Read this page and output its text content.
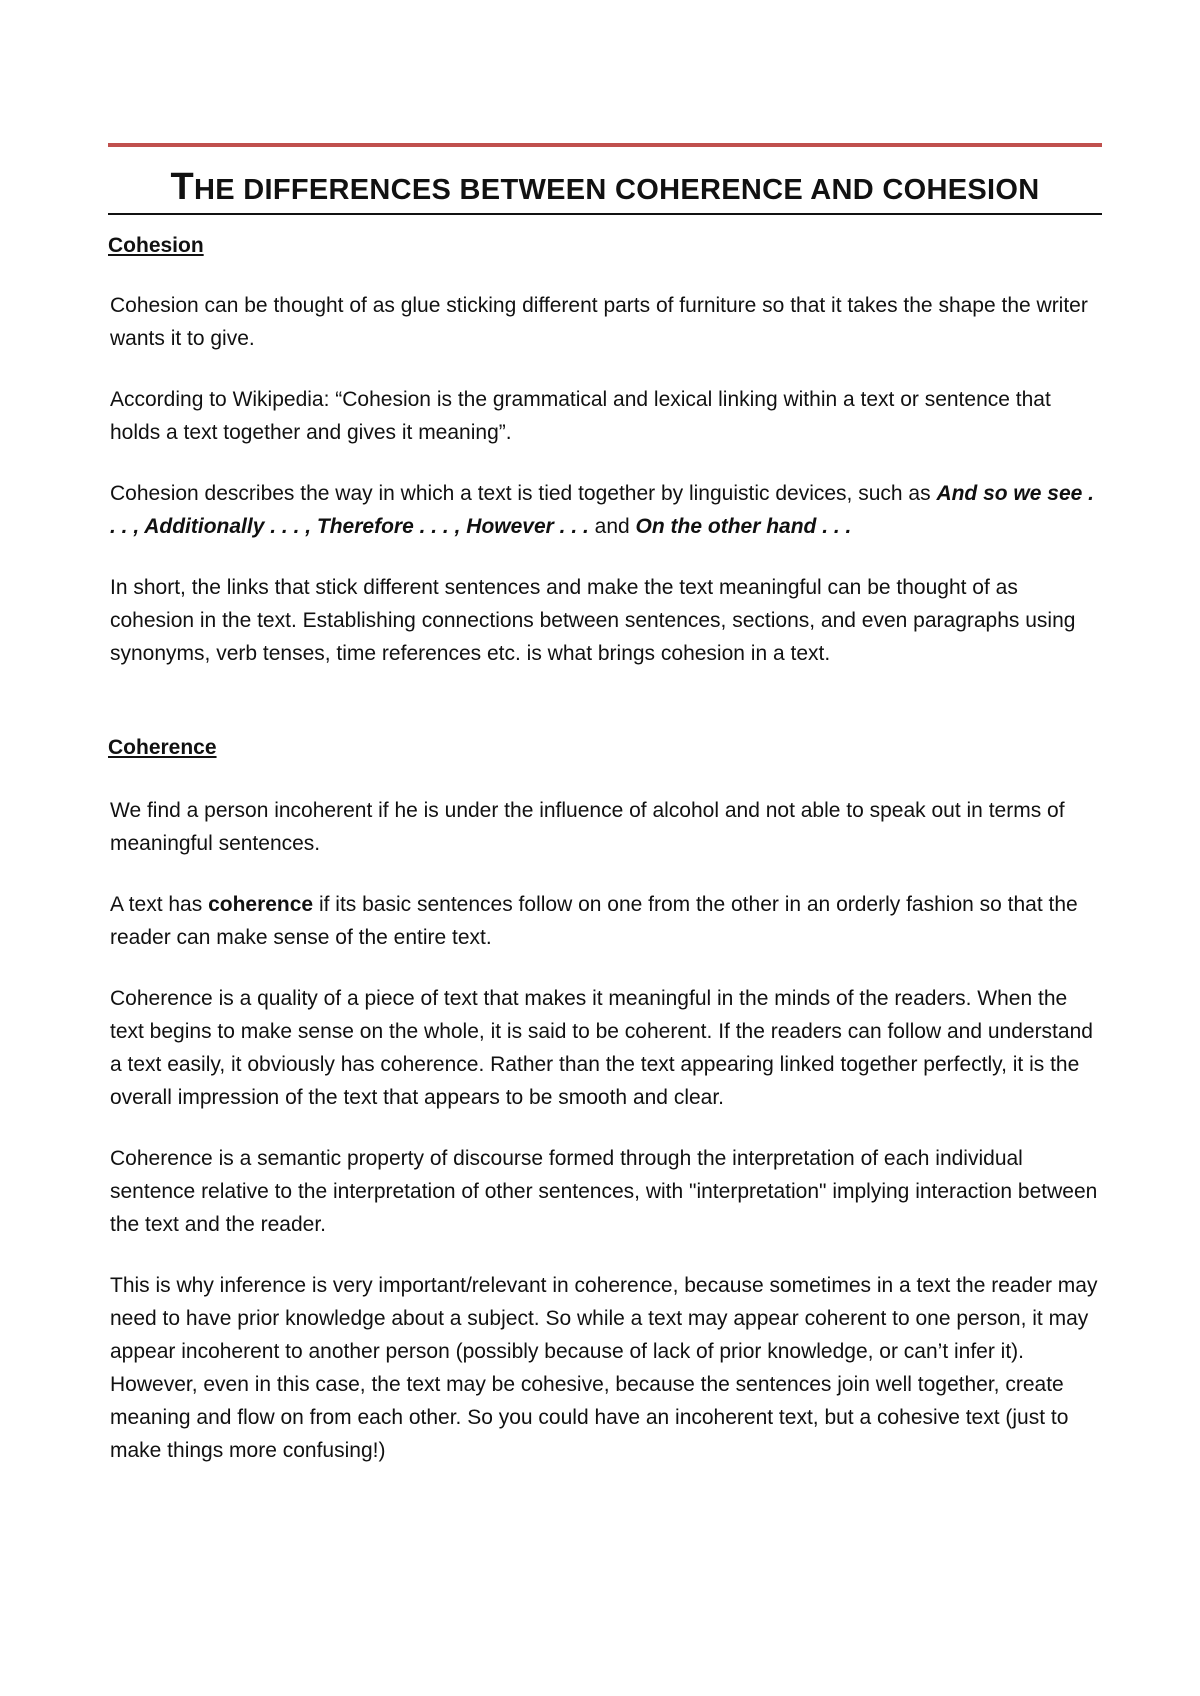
THE DIFFERENCES BETWEEN COHERENCE AND COHESION
Cohesion

Cohesion can be thought of as glue sticking different parts of furniture so that it takes the shape the writer wants it to give.

According to Wikipedia: “Cohesion is the grammatical and lexical linking within a text or sentence that holds a text together and gives it meaning”.

Cohesion describes the way in which a text is tied together by linguistic devices, such as And so we see . . . , Additionally . . . , Therefore . . . , However . . . and On the other hand . . .

In short, the links that stick different sentences and make the text meaningful can be thought of as cohesion in the text. Establishing connections between sentences, sections, and even paragraphs using synonyms, verb tenses, time references etc. is what brings cohesion in a text.

Coherence

We find a person incoherent if he is under the influence of alcohol and not able to speak out in terms of meaningful sentences.

A text has coherence if its basic sentences follow on one from the other in an orderly fashion so that the reader can make sense of the entire text.

Coherence is a quality of a piece of text that makes it meaningful in the minds of the readers. When the text begins to make sense on the whole, it is said to be coherent. If the readers can follow and understand a text easily, it obviously has coherence. Rather than the text appearing linked together perfectly, it is the overall impression of the text that appears to be smooth and clear.

Coherence is a semantic property of discourse formed through the interpretation of each individual sentence relative to the interpretation of other sentences, with "interpretation" implying interaction between the text and the reader.

This is why inference is very important/relevant in coherence, because sometimes in a text the reader may need to have prior knowledge about a subject. So while a text may appear coherent to one person, it may appear incoherent to another person (possibly because of lack of prior knowledge, or can’t infer it). However, even in this case, the text may be cohesive, because the sentences join well together, create meaning and flow on from each other. So you could have an incoherent text, but a cohesive text (just to make things more confusing!)
